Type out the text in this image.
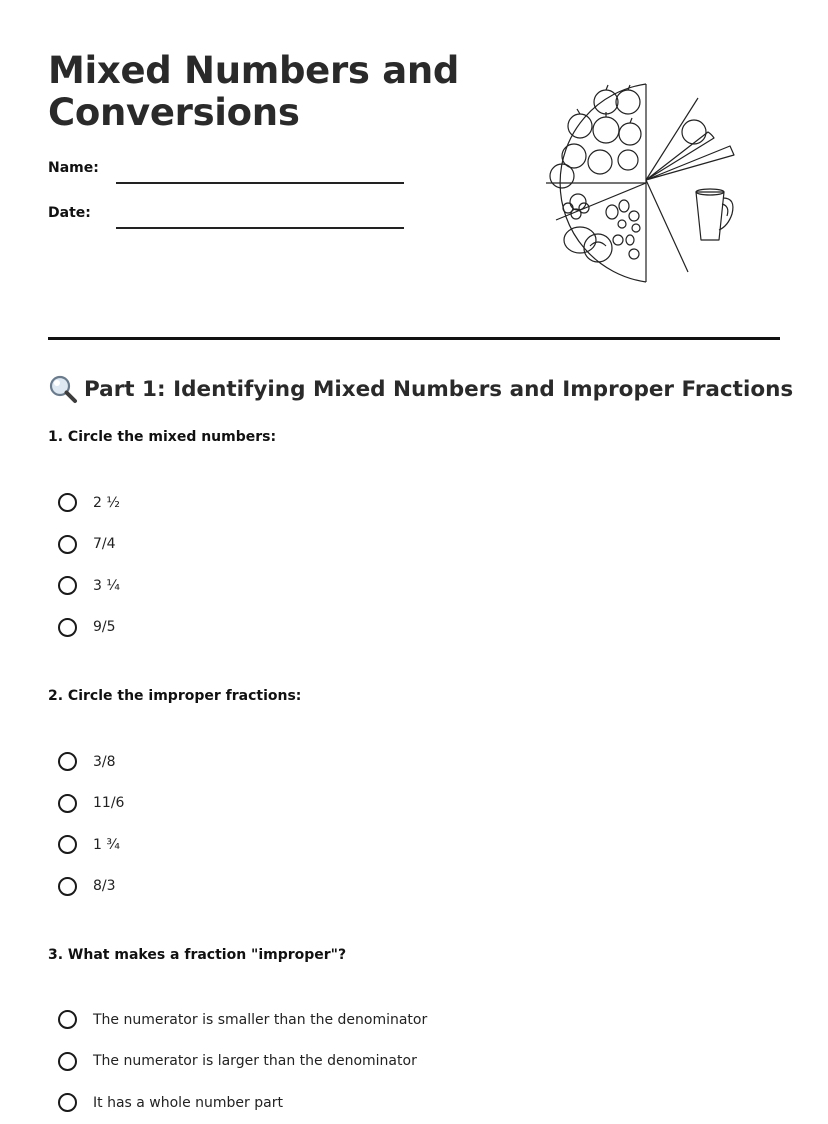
Mixed Numbers and
Conversions
Name:
Date:
Part 1: Identifying Mixed Numbers and Improper Fractions

1. Circle the mixed numbers:

2 ½
7/4
3 ¼
9/5

2. Circle the improper fractions:

3/8
11/6
1 ¾
8/3

3. What makes a fraction "improper"?

The numerator is smaller than the denominator
The numerator is larger than the denominator
It has a whole number part
